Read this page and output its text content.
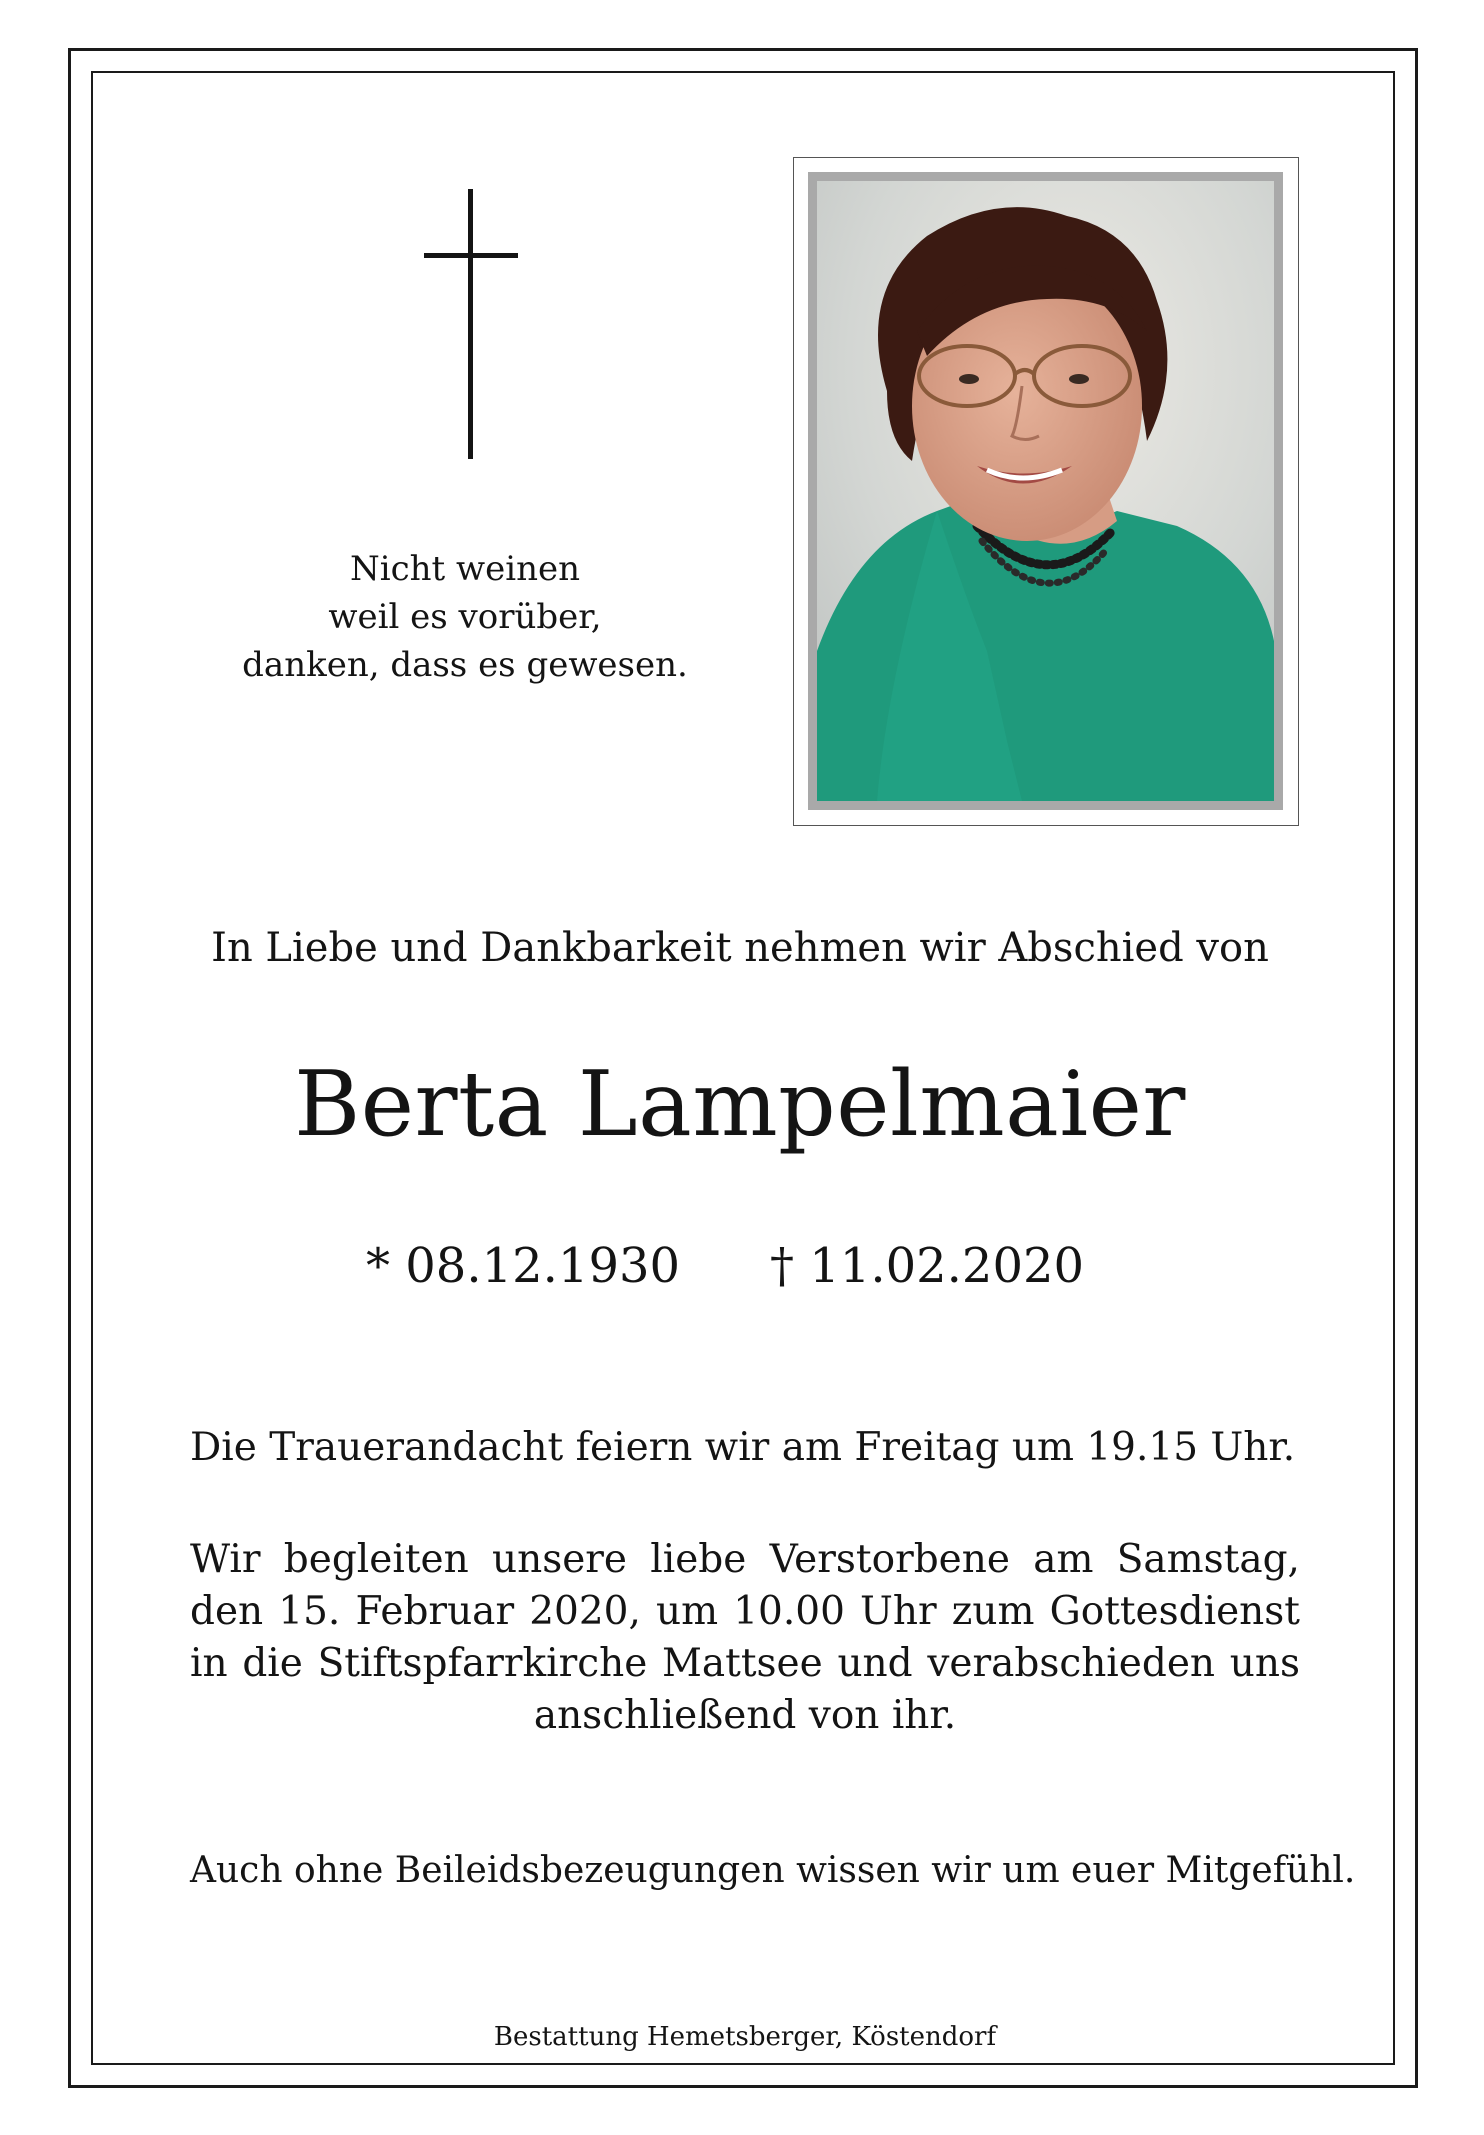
Nicht weinen
weil es vorüber,
danken, dass es gewesen.
In Liebe und Dankbarkeit nehmen wir Abschied von
Berta Lampelmaier
* 08.12.1930 † 11.02.2020
Die Trauerandacht feiern wir am Freitag um 19.15 Uhr.
Wir begleiten unsere liebe Verstorbene am Samstag,
den 15. Februar 2020, um 10.00 Uhr zum Gottesdienst
in die Stiftspfarrkirche Mattsee und verabschieden uns
anschließend von ihr.
Auch ohne Beileidsbezeugungen wissen wir um euer Mitgefühl.
Bestattung Hemetsberger, Köstendorf
